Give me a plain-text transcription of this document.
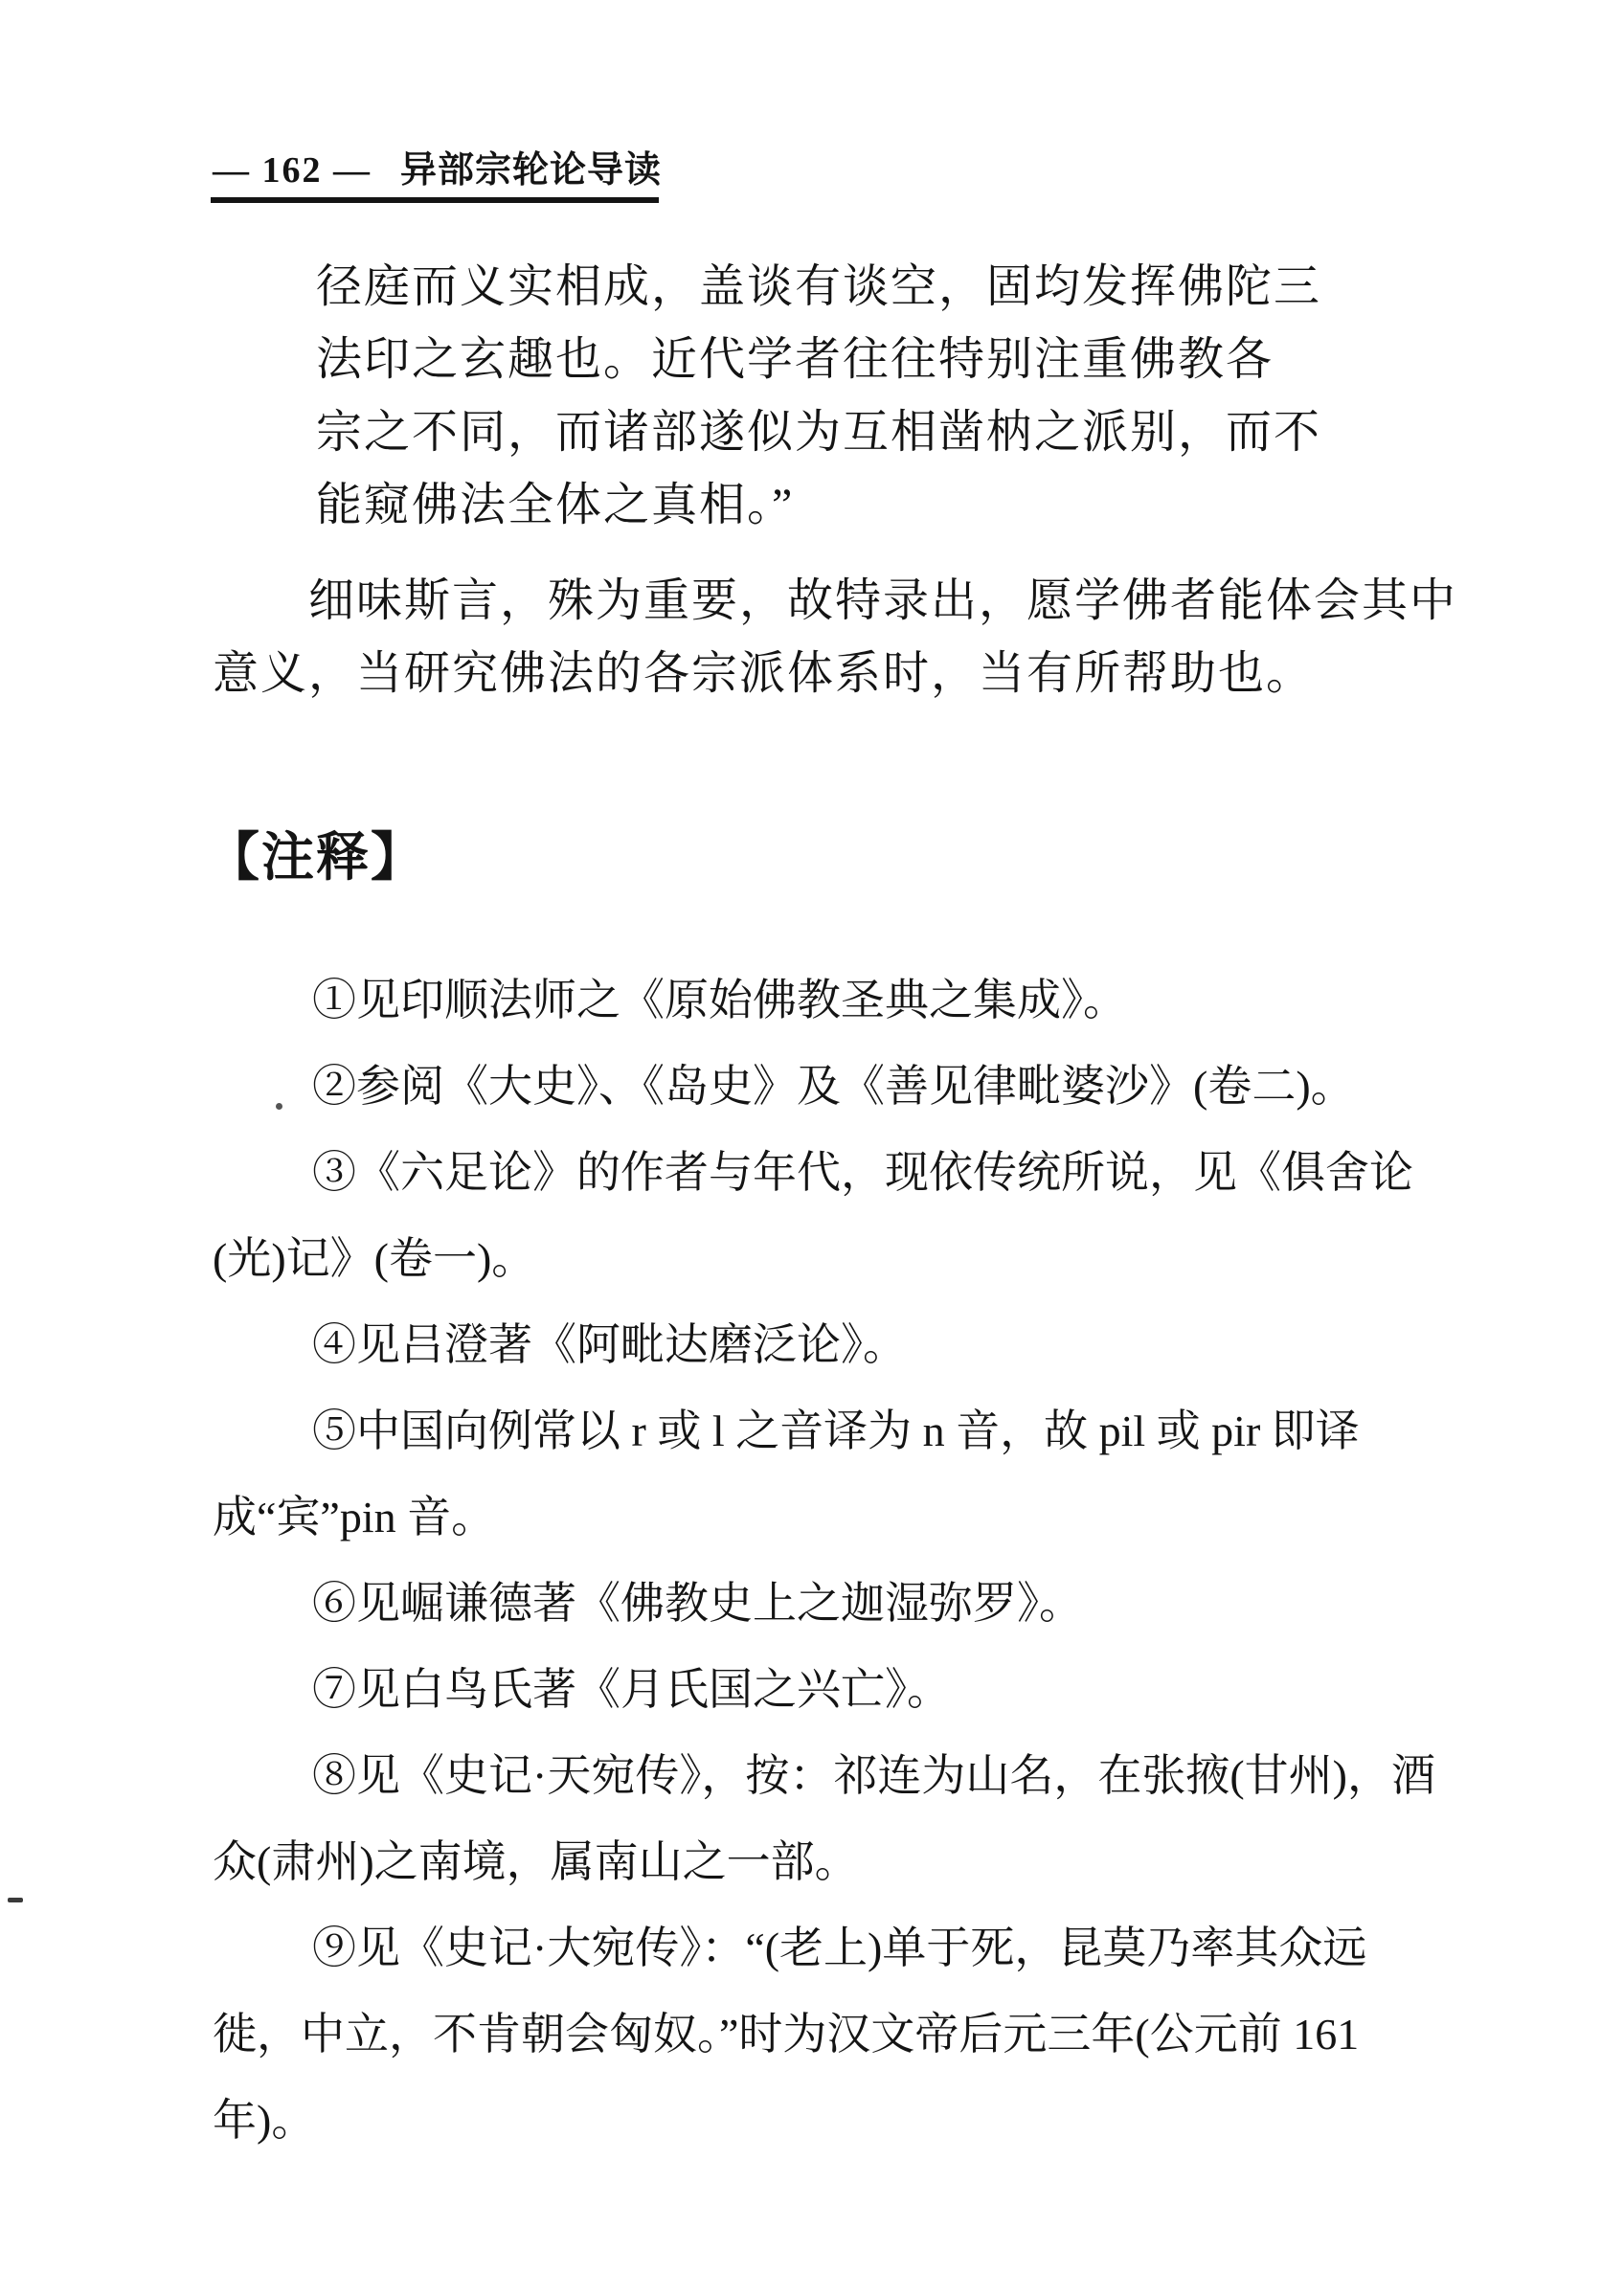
— 162 — 异部宗轮论导读
径庭而义实相成，盖谈有谈空，固均发挥佛陀三
法印之玄趣也。近代学者往往特别注重佛教各
宗之不同，而诸部遂似为互相凿枘之派别，而不
能窥佛法全体之真相。”
细味斯言，殊为重要，故特录出，愿学佛者能体会其中
意义，当研究佛法的各宗派体系时，当有所帮助也。
【注释】
①见印顺法师之《原始佛教圣典之集成》。
②参阅《大史》、《岛史》及《善见律毗婆沙》(卷二)。
③《六足论》的作者与年代，现依传统所说，见《俱舍论
(光)记》(卷一)。
④见吕澄著《阿毗达磨泛论》。
⑤中国向例常以 r 或 l 之音译为 n 音，故 pil 或 pir 即译
成“宾”pin 音。
⑥见崛谦德著《佛教史上之迦湿弥罗》。
⑦见白鸟氏著《月氏国之兴亡》。
⑧见《史记·天宛传》，按：祁连为山名，在张掖(甘州)，酒
众(肃州)之南境，属南山之一部。
⑨见《史记·大宛传》：“(老上)单于死，昆莫乃率其众远
徙，中立，不肯朝会匈奴。”时为汉文帝后元三年(公元前 161
年)。
